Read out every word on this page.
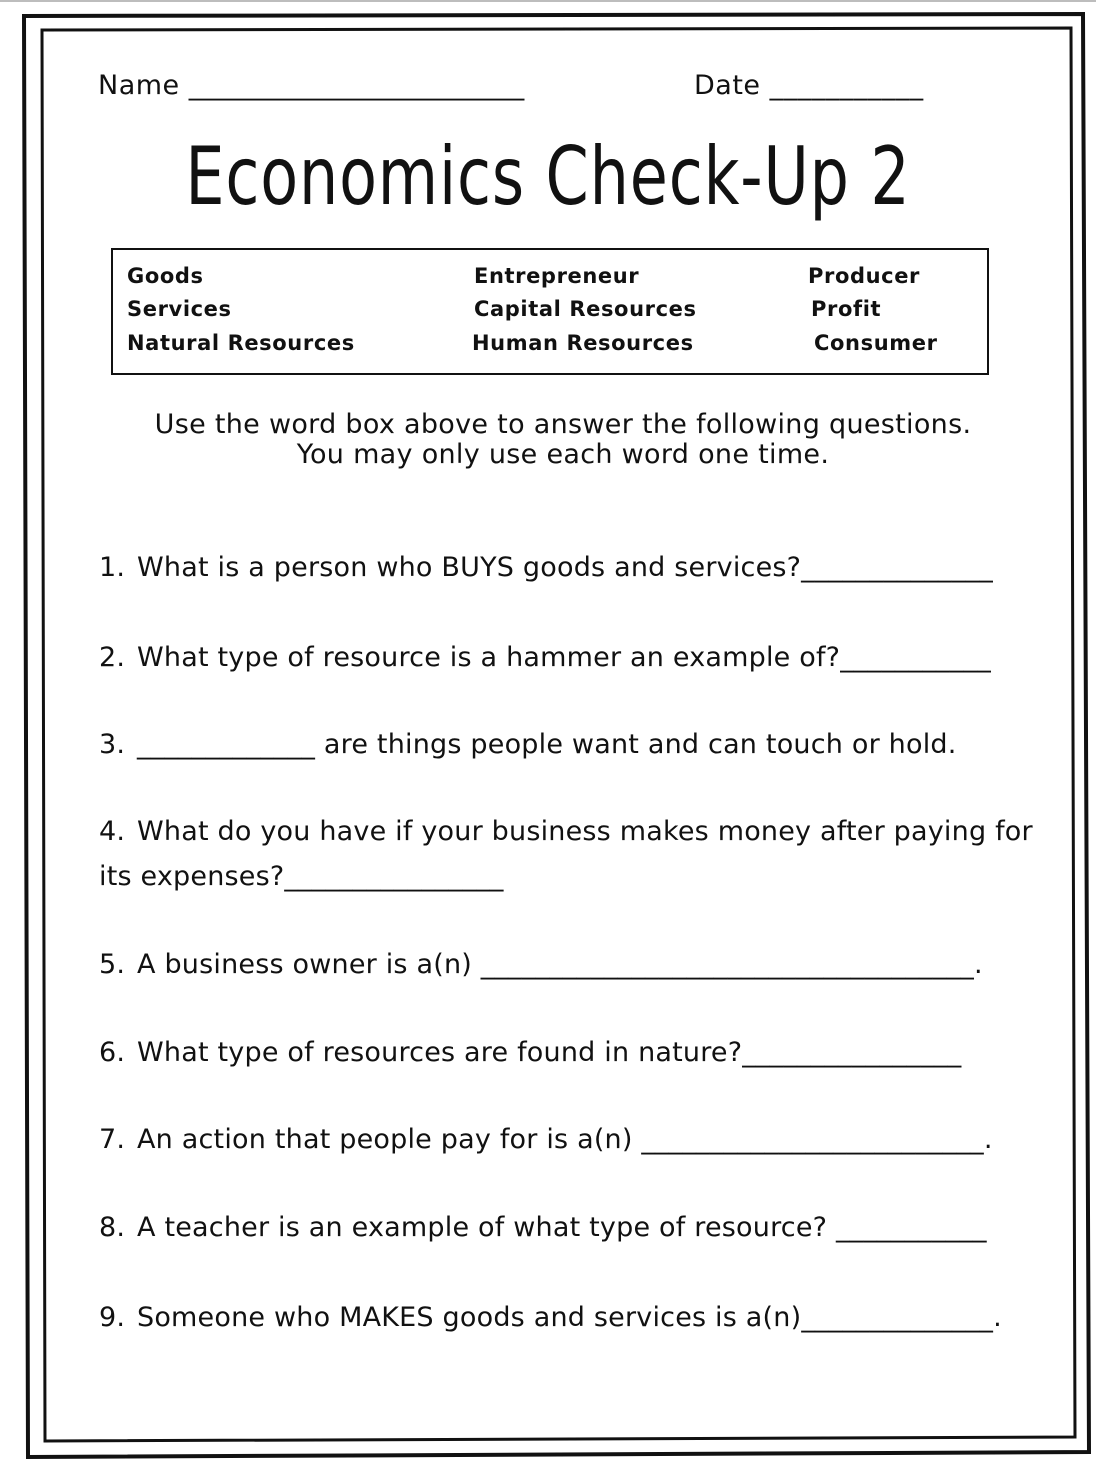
Name ________________________	Date ___________
Economics Check-Up 2
Goods
Services
Natural Resources
Entrepreneur
Capital Resources
Human Resources
Producer
Profit
Consumer
Use the word box above to answer the following questions.
You may only use each word one time.
1. What is a person who BUYS goods and services?______________
2. What type of resource is a hammer an example of?___________
3. _____________ are things people want and can touch or hold.
4. What do you have if your business makes money after paying for
its expenses?________________
5. A business owner is a(n) ____________________________________.
6. What type of resources are found in nature?________________
7. An action that people pay for is a(n) _________________________.
8. A teacher is an example of what type of resource? ___________
9. Someone who MAKES goods and services is a(n)______________.
